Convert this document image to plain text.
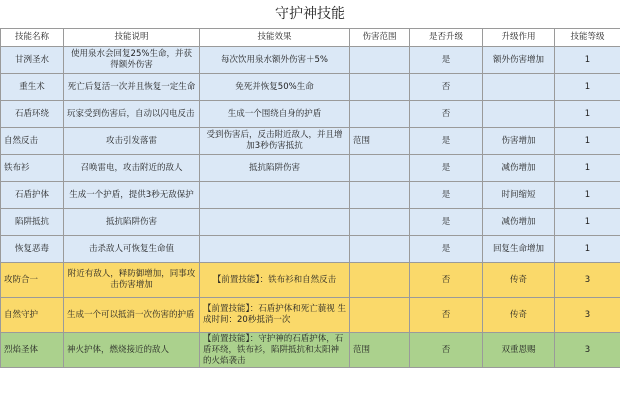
守护神技能
技能名称	技能说明	技能效果	伤害范围	是否升级	升级作用	技能等级
甘洌圣水	使用泉水会回复25%生命，并获得额外伤害	每次饮用泉水额外伤害＋5%		是	额外伤害增加	1
重生术	死亡后复活一次并且恢复一定生命	免死并恢复50%生命		否		1
石盾环绕	玩家受到伤害后，自动以闪电反击	生成一个围绕自身的护盾		否		1
自然反击	攻击引发落雷	受到伤害后，反击附近敌人，并且增加3秒伤害抵抗	范围	是	伤害增加	1
铁布衫	召唤雷电，攻击附近的敌人	抵抗陷阱伤害		是	减伤增加	1
石盾护体	生成一个护盾，提供3秒无敌保护			是	时间缩短	1
陷阱抵抗	抵抗陷阱伤害			是	减伤增加	1
恢复恶毒	击杀敌人可恢复生命值			是	回复生命增加	1
攻防合一	附近有敌人，释防御增加，同事攻击伤害增加	【前置技能】：铁布衫和自然反击		否	传奇	3
自然守护	生成一个可以抵消一次伤害的护盾	【前置技能】：石盾护体和死亡藐视 生成时间：20秒抵消一次		否	传奇	3
烈焰圣体	神火护体，燃烧接近的敌人	【前置技能】：守护神的石盾护体，石盾环绕，铁布衫，陷阱抵抗和太阳神的火焰袭击	范围	否	双重恩赐	3
